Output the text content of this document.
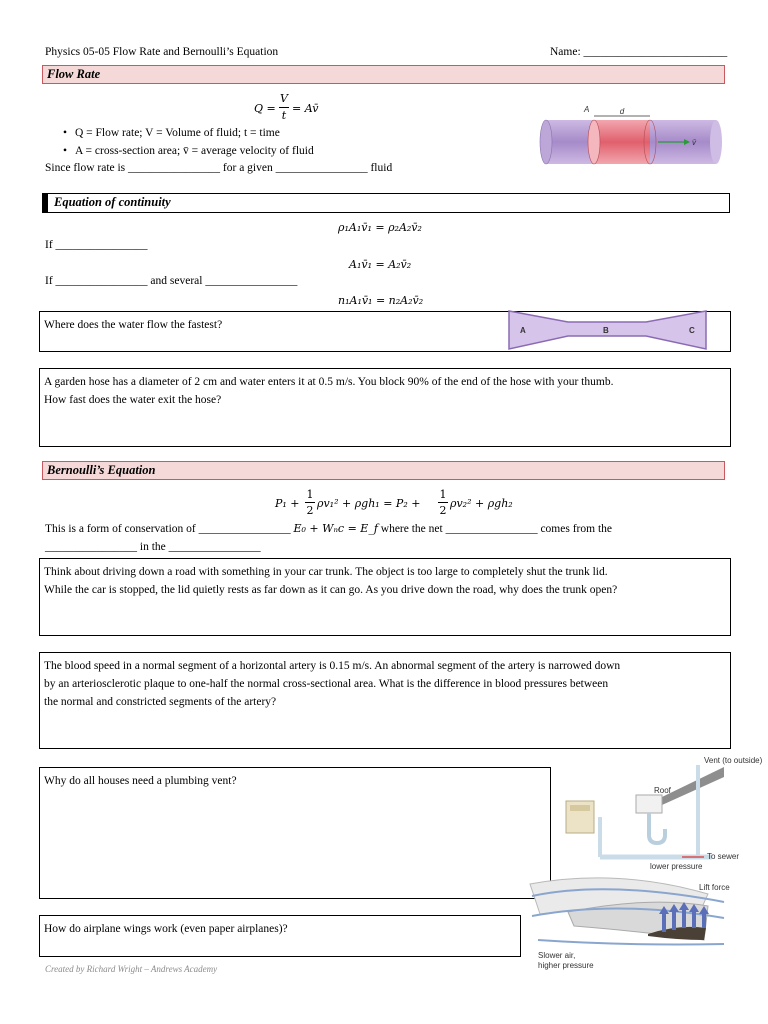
Physics 05-05 Flow Rate and Bernoulli’s Equation	Name: _________________________
Flow Rate
Q =
V
t
= Av̄
• Q = Flow rate; V = Volume of fluid; t = time
• A = cross-section area; v̄ = average velocity of fluid
Since flow rate is ________________ for a given ________________ fluid
d
A
v̄
Equation of continuity
ρ₁A₁v̄₁ = ρ₂A₂v̄₂
If ________________
A₁v̄₁ = A₂v̄₂
If ________________ and several ________________
n₁A₁v̄₁ = n₂A₂v̄₂

Where does the water flow the fastest?	A	B	C

A garden hose has a diameter of 2 cm and water enters it at 0.5 m/s. You block 90% of the end of the hose with your thumb.
How fast does the water exit the hose?

Bernoulli’s Equation
P₁ +
1
2
ρv₁² + ρgh₁ = P₂ +
1
2
ρv₂² + ρgh₂
This is a form of conservation of ________________ E₀ + Wₙc = E_f where the net ________________ comes from the
________________ in the ________________

Think about driving down a road with something in your car trunk. The object is too large to completely shut the trunk lid.
While the car is stopped, the lid quietly rests as far down as it can go. As you drive down the road, why does the trunk open?

The blood speed in a normal segment of a horizontal artery is 0.15 m/s. An abnormal segment of the artery is narrowed down
by an arteriosclerotic plaque to one-half the normal cross-sectional area. What is the difference in blood pressures between
the normal and constricted segments of the artery?

Why do all houses need a plumbing vent?

How do airplane wings work (even paper airplanes)?

Vent (to outside)
Roof
To sewer
lower pressure
Lift force
Slower air,
higher pressure
Created by Richard Wright – Andrews Academy
